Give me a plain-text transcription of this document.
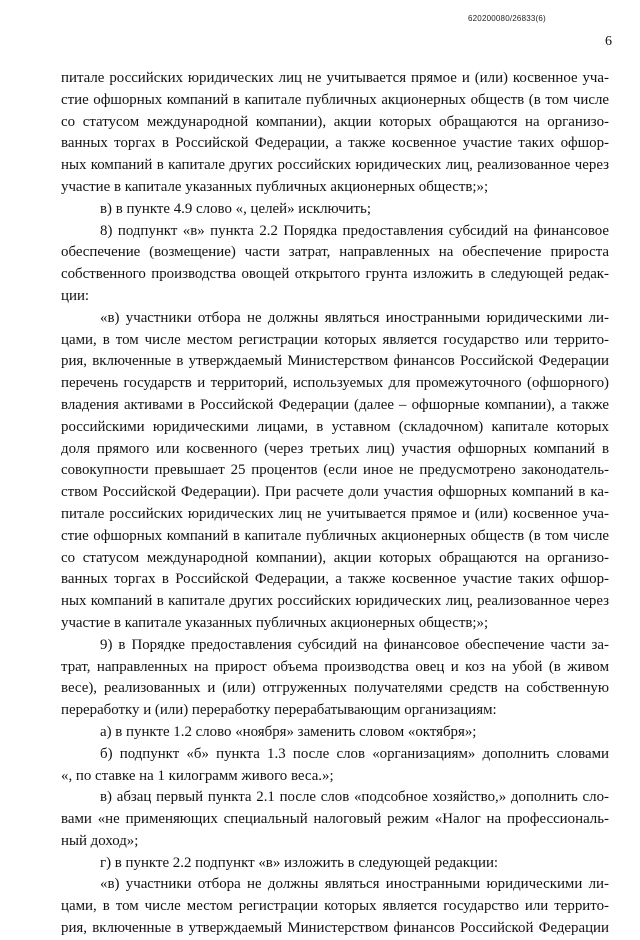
620200080/26833(6)
6
питале российских юридических лиц не учитывается прямое и (или) косвенное уча-
стие офшорных компаний в капитале публичных акционерных обществ (в том числе
со статусом международной компании), акции которых обращаются на организо-
ванных торгах в Российской Федерации, а также косвенное участие таких офшор-
ных компаний в капитале других российских юридических лиц, реализованное через
участие в капитале указанных публичных акционерных обществ;»;
в) в пункте 4.9 слово «, целей» исключить;
8) подпункт «в» пункта 2.2 Порядка предоставления субсидий на финансовое
обеспечение (возмещение) части затрат, направленных на обеспечение прироста
собственного производства овощей открытого грунта изложить в следующей редак-
ции:
«в) участники отбора не должны являться иностранными юридическими ли-
цами, в том числе местом регистрации которых является государство или террито-
рия, включенные в утверждаемый Министерством финансов Российской Федерации
перечень государств и территорий, используемых для промежуточного (офшорного)
владения активами в Российской Федерации (далее – офшорные компании), а также
российскими юридическими лицами, в уставном (складочном) капитале которых
доля прямого или косвенного (через третьих лиц) участия офшорных компаний в
совокупности превышает 25 процентов (если иное не предусмотрено законодатель-
ством Российской Федерации). При расчете доли участия офшорных компаний в ка-
питале российских юридических лиц не учитывается прямое и (или) косвенное уча-
стие офшорных компаний в капитале публичных акционерных обществ (в том числе
со статусом международной компании), акции которых обращаются на организо-
ванных торгах в Российской Федерации, а также косвенное участие таких офшор-
ных компаний в капитале других российских юридических лиц, реализованное через
участие в капитале указанных публичных акционерных обществ;»;
9) в Порядке предоставления субсидий на финансовое обеспечение части за-
трат, направленных на прирост объема производства овец и коз на убой (в живом
весе), реализованных и (или) отгруженных получателями средств на собственную
переработку и (или) переработку перерабатывающим организациям:
а) в пункте 1.2 слово «ноября» заменить словом «октября»;
б) подпункт «б» пункта 1.3 после слов «организациям» дополнить словами
«, по ставке на 1 килограмм живого веса.»;
в) абзац первый пункта 2.1 после слов «подсобное хозяйство,» дополнить сло-
вами «не применяющих специальный налоговый режим «Налог на профессиональ-
ный доход»;
г) в пункте 2.2 подпункт «в» изложить в следующей редакции:
«в) участники отбора не должны являться иностранными юридическими ли-
цами, в том числе местом регистрации которых является государство или террито-
рия, включенные в утверждаемый Министерством финансов Российской Федерации
